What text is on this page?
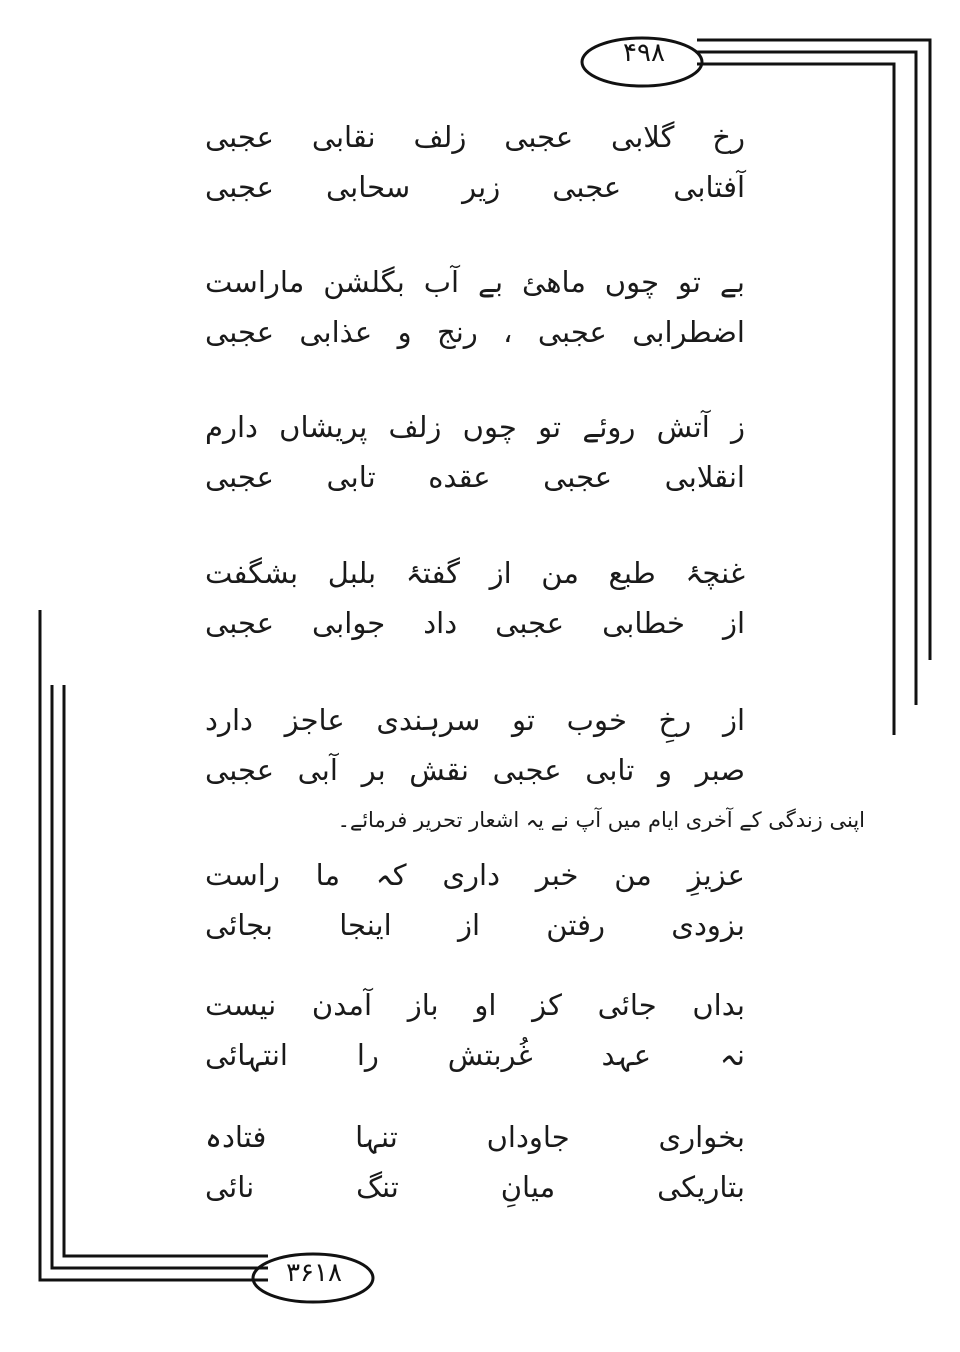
۴۹۸
۳۶۱۸
رخ
گلابی
عجبی
زلف
نقابی
عجبی
آفتابی
عجبی
زیر
سحابی
عجبی
بے
تو
چوں
ماهئ
بے
آب
بگلشن
ماراست
اضطرابی
عجبی
،
رنج
و
عذابی
عجبی
ز
آتش
روئے
تو
چوں
زلف
پریشاں
دارم
انقلابی
عجبی
عقده
تابی
عجبی
غنچۂ
طبع
من
از
گفتۂ
بلبل
بشگفت
از
خطابی
عجبی
داد
جوابی
عجبی
از
رخِ
خوب
تو
سرہندی
عاجز
دارد
صبر
و
تابی
عجبی
نقش
بر
آبی
عجبی
عزیزِ
من
خبر
داری
کہ
ما
راست
بزودی
رفتن
از
اینجا
بجائی
بداں
جائی
کز
او
باز
آمدن
نیست
نہ
عہد
غُربتش
را
انتہائی
بخواری
جاوداں
تنہا
فتادہ
بتاریکی
میانِ
تنگ
نائی
اپنی زندگی کے آخری ایام میں آپ نے یہ اشعار تحریر فرمائے۔
